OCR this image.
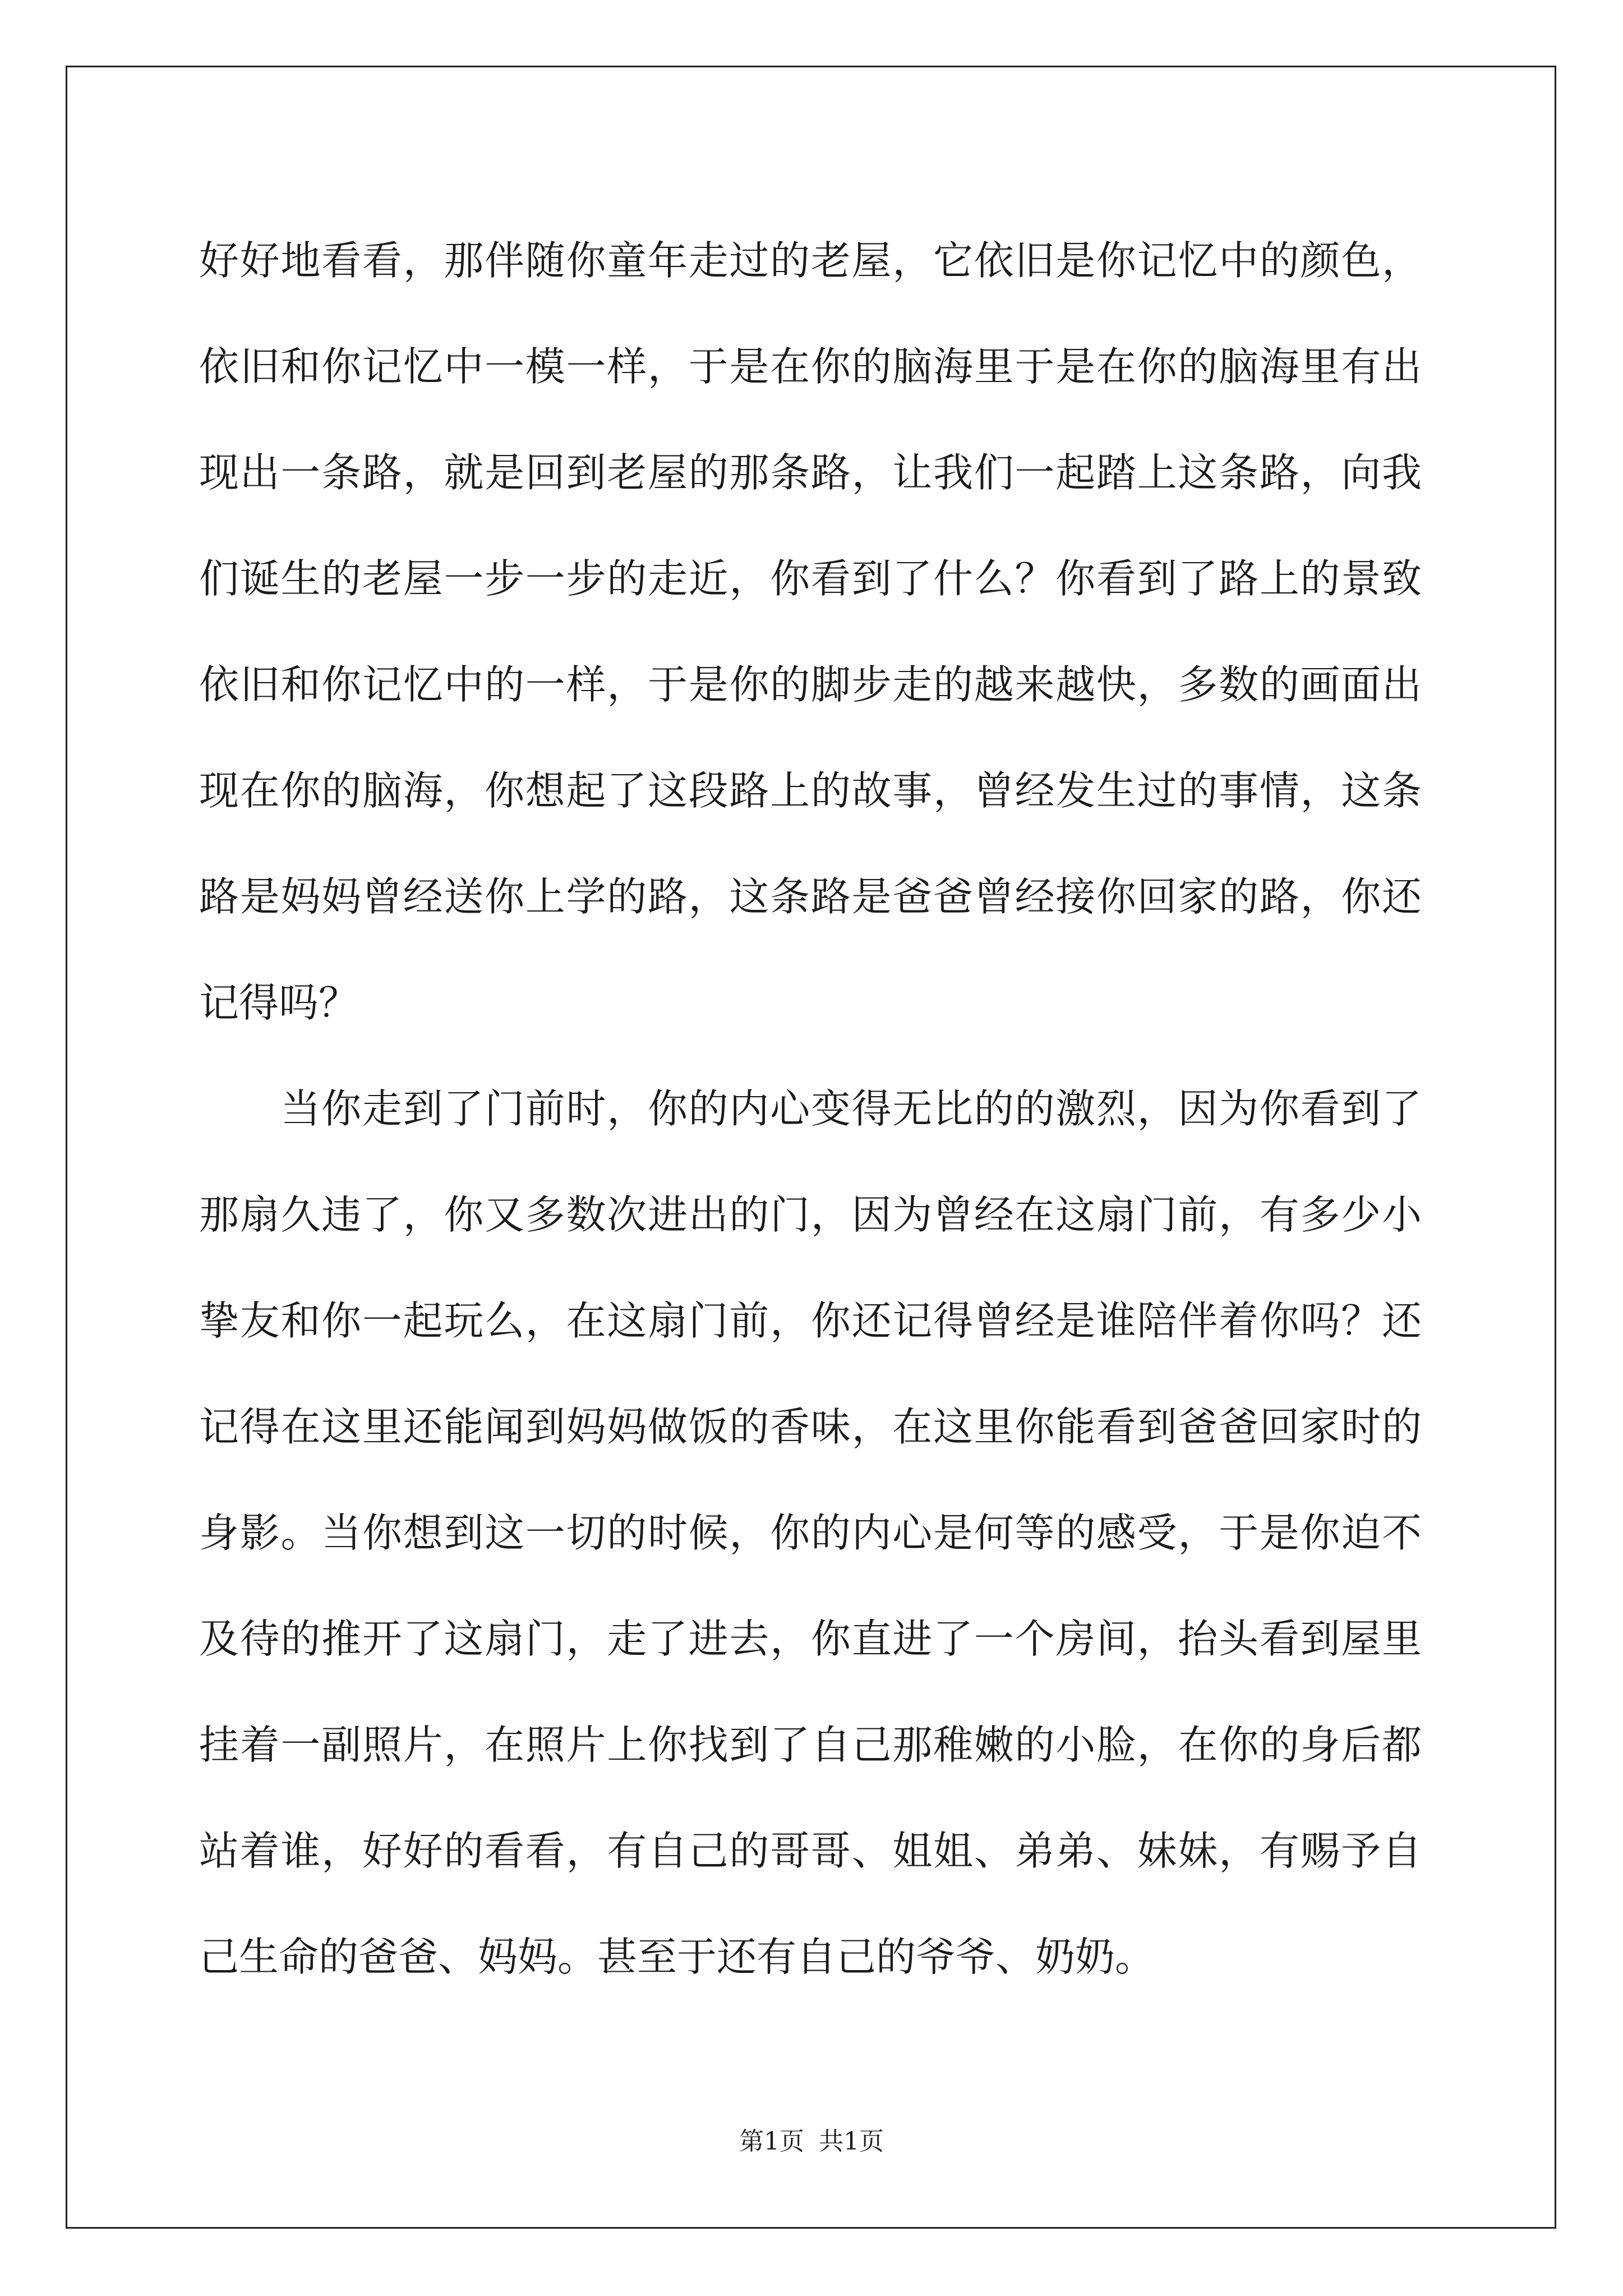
好好地看看，那伴随你童年走过的老屋，它依旧是你记忆中的颜色，
依旧和你记忆中一模一样，于是在你的脑海里于是在你的脑海里有出
现出一条路，就是回到老屋的那条路，让我们一起踏上这条路，向我
们诞生的老屋一步一步的走近，你看到了什么？你看到了路上的景致
依旧和你记忆中的一样，于是你的脚步走的越来越快，多数的画面出
现在你的脑海，你想起了这段路上的故事，曾经发生过的事情，这条
路是妈妈曾经送你上学的路，这条路是爸爸曾经接你回家的路，你还
记得吗？
　　当你走到了门前时，你的内心变得无比的的激烈，因为你看到了
那扇久违了，你又多数次进出的门，因为曾经在这扇门前，有多少小
挚友和你一起玩么，在这扇门前，你还记得曾经是谁陪伴着你吗？还
记得在这里还能闻到妈妈做饭的香味，在这里你能看到爸爸回家时的
身影。当你想到这一切的时候，你的内心是何等的感受，于是你迫不
及待的推开了这扇门，走了进去，你直进了一个房间，抬头看到屋里
挂着一副照片，在照片上你找到了自己那稚嫩的小脸，在你的身后都
站着谁，好好的看看，有自己的哥哥、姐姐、弟弟、妹妹，有赐予自
己生命的爸爸、妈妈。甚至于还有自己的爷爷、奶奶。
第1页 共1页
